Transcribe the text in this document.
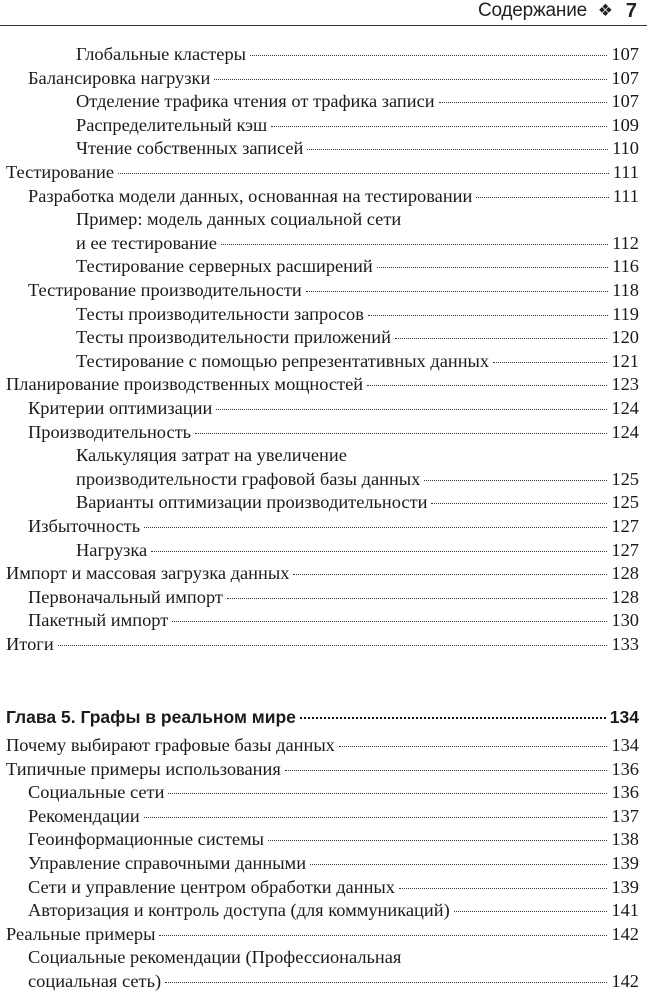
Содержание ❖ 7
Глобальные кластеры	107
Балансировка нагрузки	107
Отделение трафика чтения от трафика записи	107
Распределительный кэш	109
Чтение собственных записей	110
Тестирование	111
Разработка модели данных, основанная на тестировании	111
Пример: модель данных социальной сети
и ее тестирование	112
Тестирование серверных расширений	116
Тестирование производительности	118
Тесты производительности запросов	119
Тесты производительности приложений	120
Тестирование с помощью репрезентативных данных	121
Планирование производственных мощностей	123
Критерии оптимизации	124
Производительность	124
Калькуляция затрат на увеличение
производительности графовой базы данных	125
Варианты оптимизации производительности	125
Избыточность	127
Нагрузка	127
Импорт и массовая загрузка данных	128
Первоначальный импорт	128
Пакетный импорт	130
Итоги	133
Глава 5. Графы в реальном мире	134
Почему выбирают графовые базы данных	134
Типичные примеры использования	136
Социальные сети	136
Рекомендации	137
Геоинформационные системы	138
Управление справочными данными	139
Сети и управление центром обработки данных	139
Авторизация и контроль доступа (для коммуникаций)	141
Реальные примеры	142
Социальные рекомендации (Профессиональная
социальная сеть)	142
